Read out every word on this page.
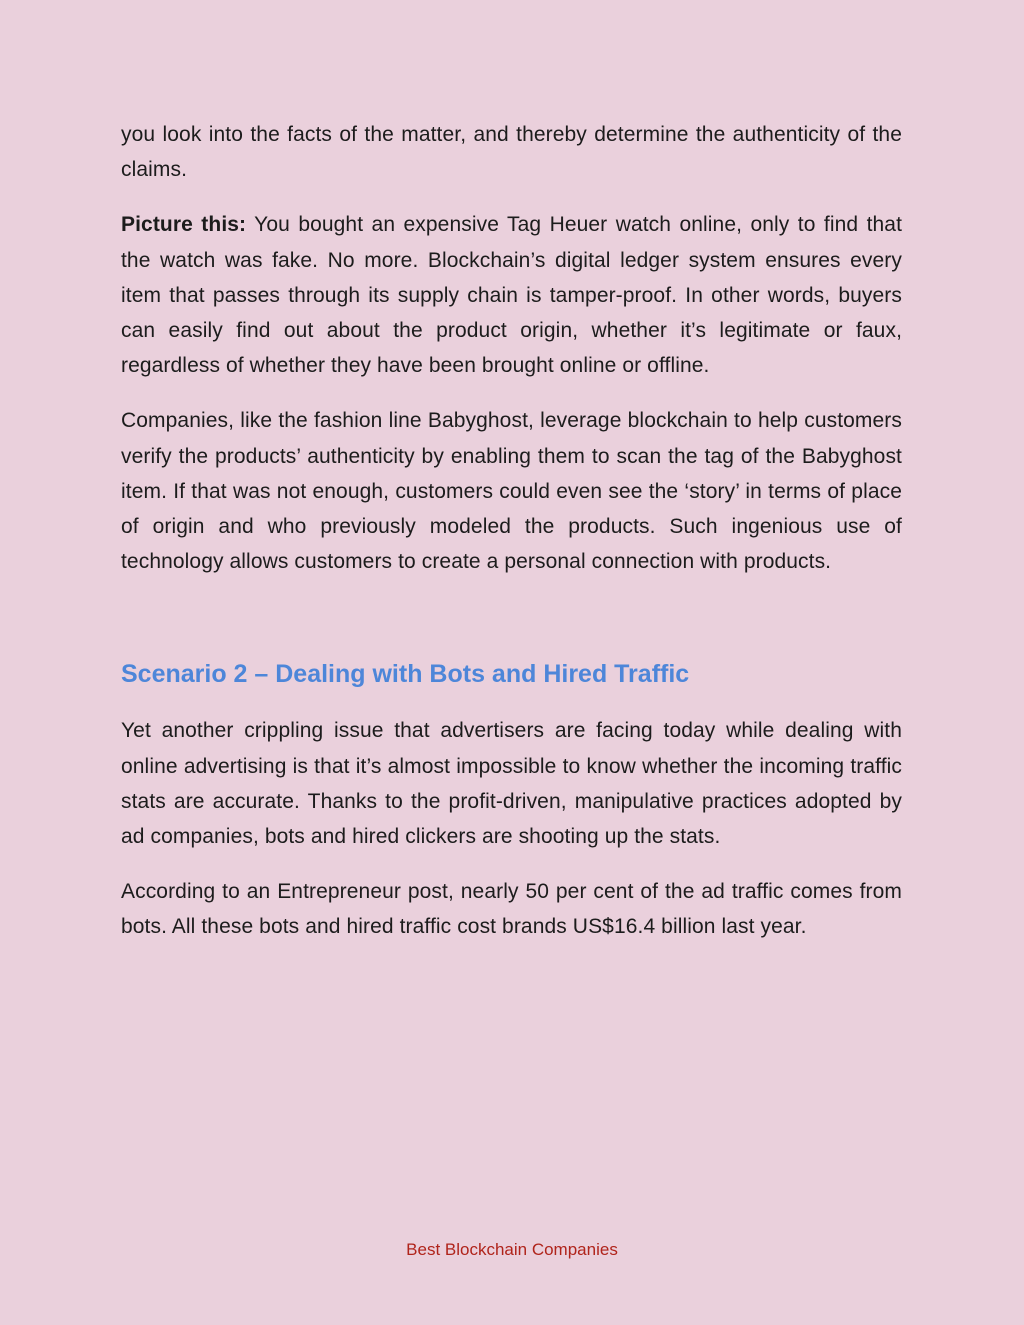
you look into the facts of the matter, and thereby determine the authenticity of the claims.

Picture this: You bought an expensive Tag Heuer watch online, only to find that the watch was fake. No more. Blockchain’s digital ledger system ensures every item that passes through its supply chain is tamper-proof. In other words, buyers can easily find out about the product origin, whether it’s legitimate or faux, regardless of whether they have been brought online or offline.

Companies, like the fashion line Babyghost, leverage blockchain to help customers verify the products’ authenticity by enabling them to scan the tag of the Babyghost item. If that was not enough, customers could even see the ‘story’ in terms of place of origin and who previously modeled the products. Such ingenious use of technology allows customers to create a personal connection with products.

Scenario 2 – Dealing with Bots and Hired Traffic

Yet another crippling issue that advertisers are facing today while dealing with online advertising is that it’s almost impossible to know whether the incoming traffic stats are accurate. Thanks to the profit-driven, manipulative practices adopted by ad companies, bots and hired clickers are shooting up the stats.

According to an Entrepreneur post, nearly 50 per cent of the ad traffic comes from bots. All these bots and hired traffic cost brands US$16.4 billion last year.

Best Blockchain Companies
